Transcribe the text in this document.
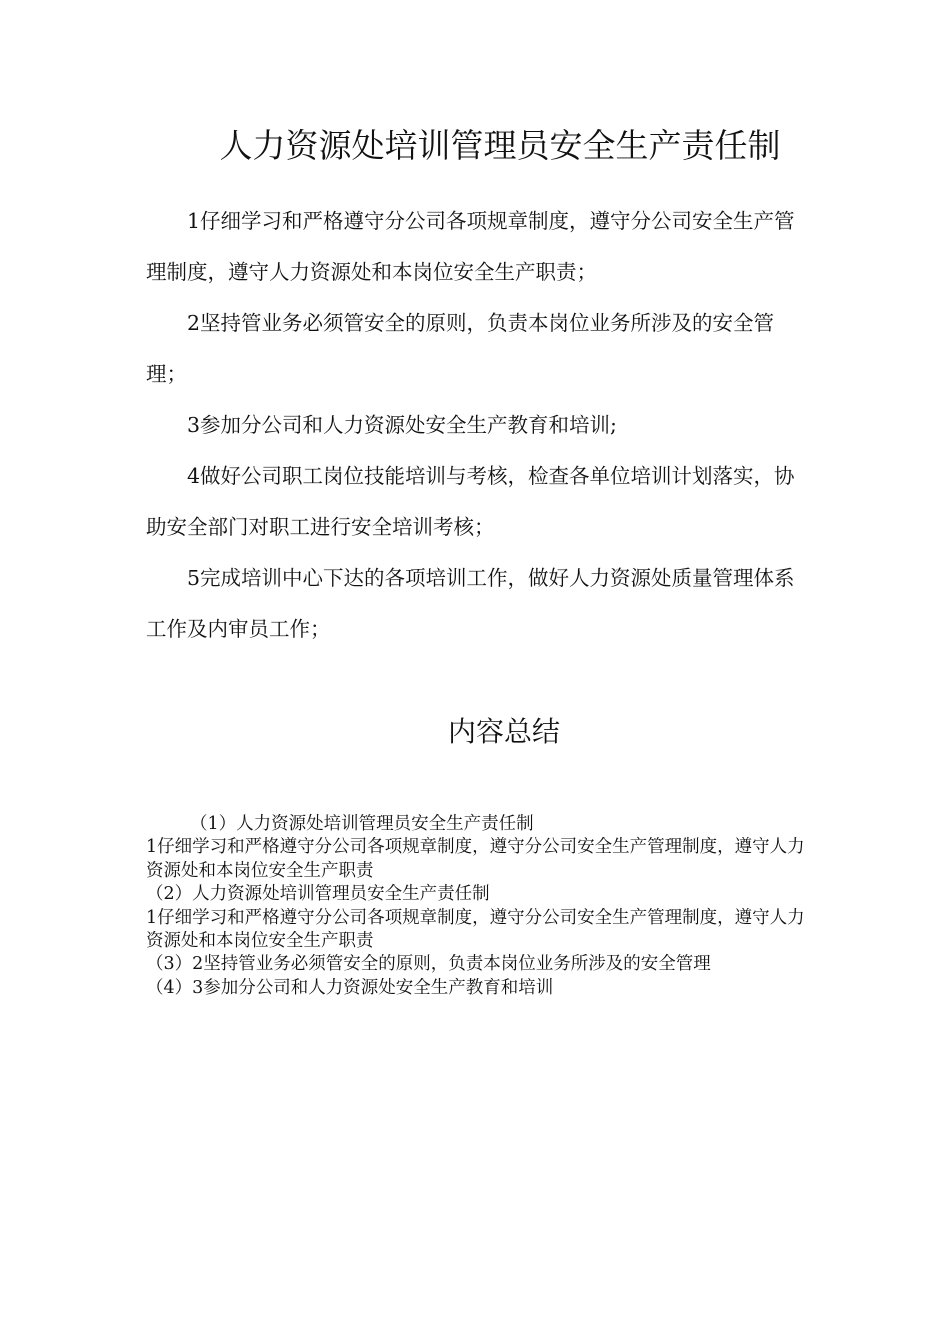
人力资源处培训管理员安全生产责任制

1仔细学习和严格遵守分公司各项规章制度，遵守分公司安全生产管理制度，遵守人力资源处和本岗位安全生产职责；

2坚持管业务必须管安全的原则，负责本岗位业务所涉及的安全管理；

3参加分公司和人力资源处安全生产教育和培训;

4做好公司职工岗位技能培训与考核，检查各单位培训计划落实，协助安全部门对职工进行安全培训考核；

5完成培训中心下达的各项培训工作，做好人力资源处质量管理体系工作及内审员工作；

内容总结

（1）人力资源处培训管理员安全生产责任制

1仔细学习和严格遵守分公司各项规章制度，遵守分公司安全生产管理制度，遵守人力资源处和本岗位安全生产职责

（2）人力资源处培训管理员安全生产责任制

1仔细学习和严格遵守分公司各项规章制度，遵守分公司安全生产管理制度，遵守人力资源处和本岗位安全生产职责

（3）2坚持管业务必须管安全的原则，负责本岗位业务所涉及的安全管理

（4）3参加分公司和人力资源处安全生产教育和培训
